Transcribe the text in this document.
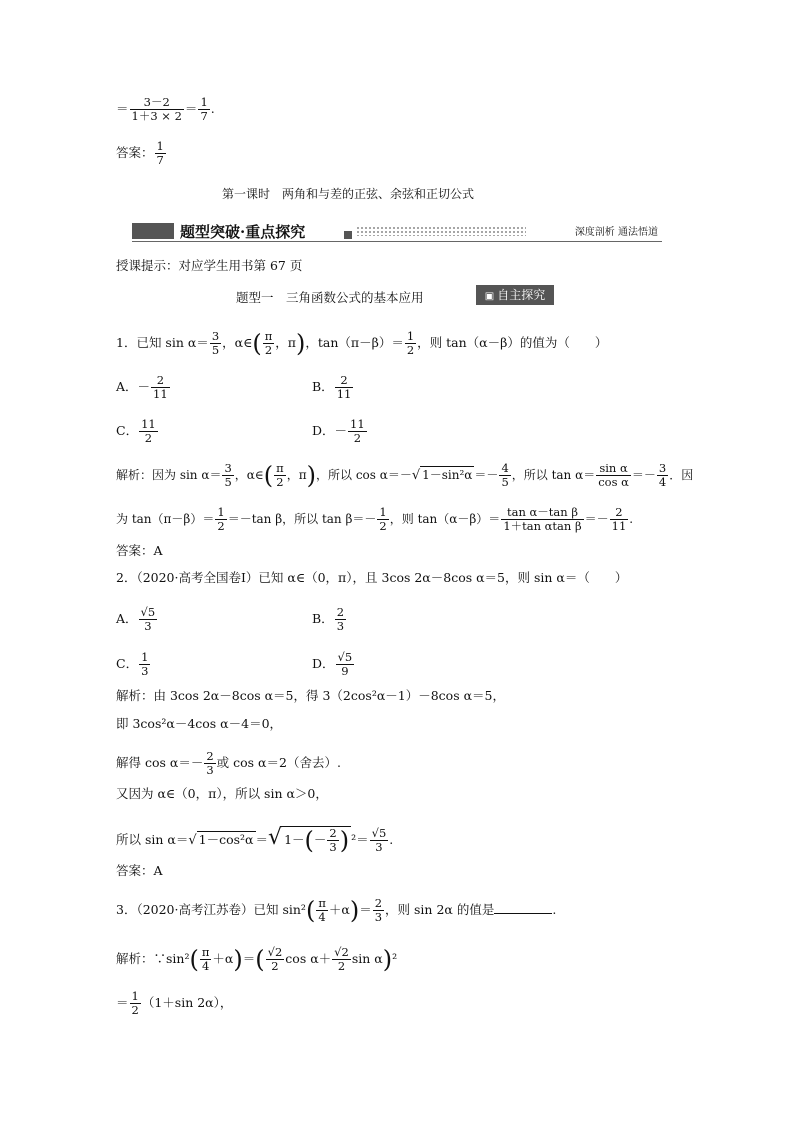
＝ $\frac{3-2}{1+3 \times 2} = \frac{1}{7}$ .
答案： $\frac{1}{7}$
第一课时　两角和与差的正弦、余弦和正切公式
题型突破·重点探究	深度剖析 通法悟道
授课提示：对应学生用书第 67 页
题型一　三角函数公式的基本应用	▣ 自主探究
1．已知 $\sin \alpha= \frac{3}{5}$ ，α∈( $\frac{\pi}{2}$ ，π)，$\tan(\pi-\beta)= \frac{1}{2}$ ，则 tan（α－β）的值为（　　）
A．－ $\frac{2}{11}$	B． $\frac{2}{11}$
C． $\frac{11}{2}$	D．－ $\frac{11}{2}$
解析：因为 $\sin \alpha= \frac{3}{5}$ ，α∈( $\frac{\pi}{2}$ ，π)，所以 cos α＝－√ $1-\sin^2\alpha =- \frac{4}{5}$ ，所以 $\tan \alpha= \frac{\text{sin α}}{\text{cos α}} =- \frac{3}{4}$ ．因
为 $\tan(\pi-\beta)= \frac{1}{2} =-\tan$ β，所以 $\tan \beta=- \frac{1}{2}$ ，则 $\tan(\alpha-\beta)= \frac{\text{tan α－tan β}}{\text{1＋tan αtan β}} =- \frac{2}{11}$ .
答案：A
2．（2020·高考全国卷Ⅰ）已知 α∈（0，π），且 3cos 2α－8cos α＝5，则 sin α＝（　　）
A． $\frac{√5}{3}$	B． $\frac{2}{3}$
C． $\frac{1}{3}$	D． $\frac{√5}{9}$
解析：由 3cos 2α－8cos α＝5，得 3（2cos²α－1）－8cos α＝5，
即 3cos²α－4cos α－4＝0，
解得 $\cos \alpha=- \frac{2}{3}$ 或 cos α＝2（舍去）.
又因为 α∈（0，π），所以 sin α＞0，
所以 sin α＝√ 1－cos²α ＝√ $1-(- \frac{2}{3}$ ) $^2= \frac{√5}{3}$ .
答案：A
3．（2020·高考江苏卷）已知 $\sin^2( \frac{\pi}{4} +\alpha)= \frac{2}{3}$ ，则 sin 2α 的值是	.
解析：∵sin²( $\frac{\pi}{4} +\alpha)=( \frac{√2}{2}$ $\cos \alpha+ \frac{√2}{2}$ sin α)²
＝ $\frac{1}{2} (1+\sin$ 2α），
